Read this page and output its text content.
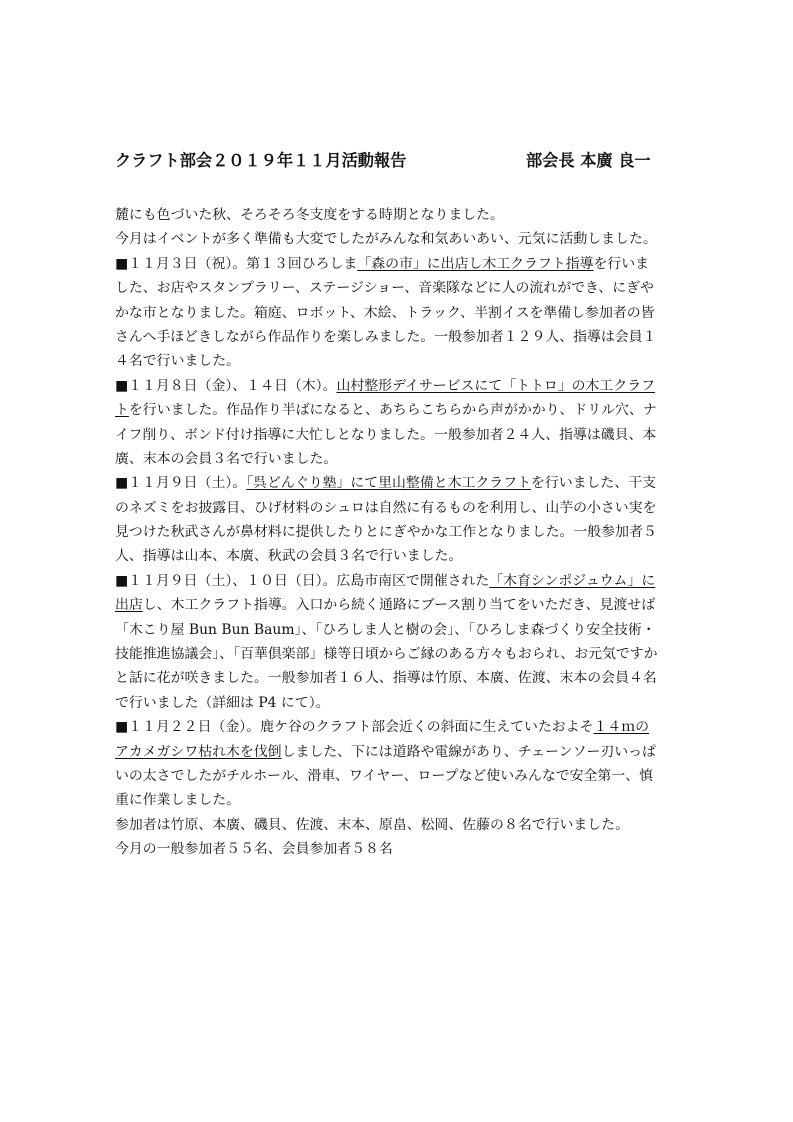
クラフト部会２０１９年１１月活動報告	部会長 本廣 良一
麓にも色づいた秋、そろそろ冬支度をする時期となりました。
今月はイベントが多く準備も大変でしたがみんな和気あいあい、元気に活動しました。
■１１月３日（祝）。第１３回ひろしま「森の市」に出店し木工クラフト指導を行いま
した、お店やスタンプラリー、ステージショー、音楽隊などに人の流れができ、にぎや
かな市となりました。箱庭、ロボット、木絵、トラック、半割イスを準備し参加者の皆
さんへ手ほどきしながら作品作りを楽しみました。一般参加者１２９人、指導は会員１
４名で行いました。
■１１月８日（金）、１４日（木）。山村整形デイサービスにて「トトロ」の木工クラフ
トを行いました。作品作り半ばになると、あちらこちらから声がかかり、ドリル穴、ナ
イフ削り、ボンド付け指導に大忙しとなりました。一般参加者２４人、指導は磯貝、本
廣、末本の会員３名で行いました。
■１１月９日（土）。「呉どんぐり塾」にて里山整備と木工クラフトを行いました、干支
のネズミをお披露目、ひげ材料のシュロは自然に有るものを利用し、山芋の小さい実を
見つけた秋武さんが鼻材料に提供したりとにぎやかな工作となりました。一般参加者５
人、指導は山本、本廣、秋武の会員３名で行いました。
■１１月９日（土）、１０日（日）。広島市南区で開催された「木育シンポジュウム」に
出店し、木工クラフト指導。入口から続く通路にブース割り当てをいただき、見渡せば
「木こり屋 Bun Bun Baum」、「ひろしま人と樹の会」、「ひろしま森づくり安全技術・
技能推進協議会」、「百華倶楽部」様等日頃からご縁のある方々もおられ、お元気ですか
と話に花が咲きました。一般参加者１６人、指導は竹原、本廣、佐渡、末本の会員４名
で行いました（詳細は P4 にて）。
■１１月２２日（金）。鹿ケ谷のクラフト部会近くの斜面に生えていたおよそ１４ｍの
アカメガシワ枯れ木を伐倒しました、下には道路や電線があり、チェーンソー刃いっぱ
いの太さでしたがチルホール、滑車、ワイヤー、ロープなど使いみんなで安全第一、慎
重に作業しました。
参加者は竹原、本廣、磯貝、佐渡、末本、原畠、松岡、佐藤の８名で行いました。
今月の一般参加者５５名、会員参加者５８名
